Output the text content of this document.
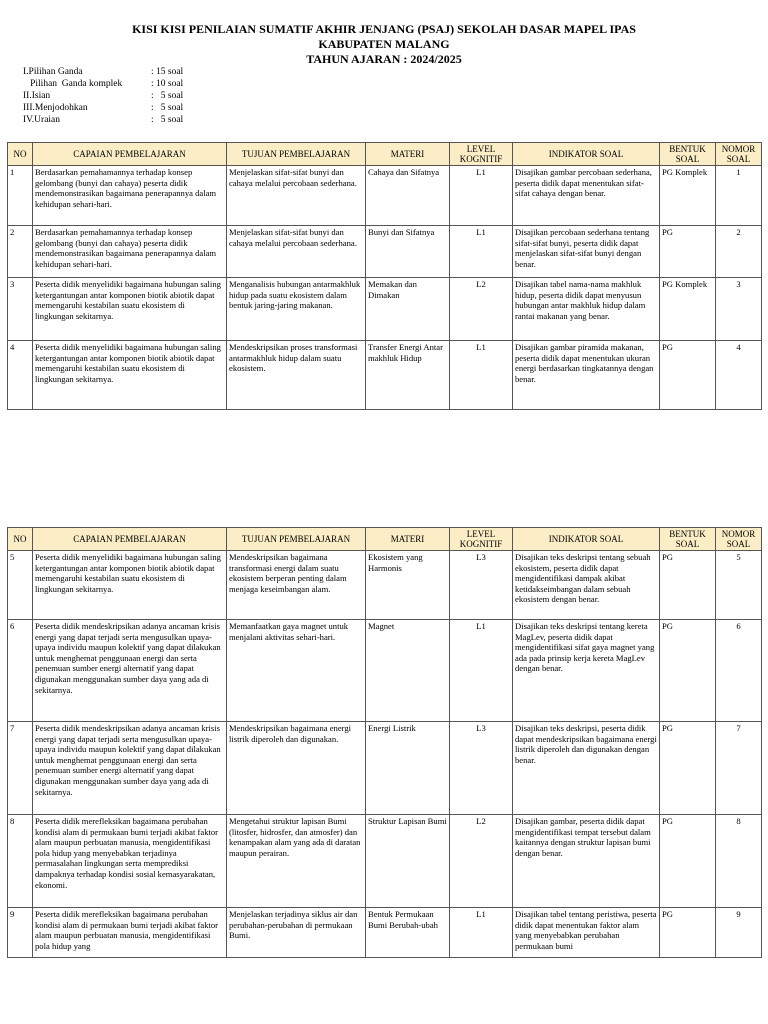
KISI KISI PENILAIAN SUMATIF AKHIR JENJANG (PSAJ) SEKOLAH DASAR MAPEL IPAS
KABUPATEN MALANG
TAHUN AJARAN : 2024/2025
I.Pilihan Ganda	: 15 soal
Pilihan  Ganda komplek	: 10 soal
II.Isian	:   5 soal
III.Menjodohkan	:   5 soal
IV.Uraian	:   5 soal
NO	CAPAIAN PEMBELAJARAN	TUJUAN PEMBELAJARAN	MATERI	LEVEL KOGNITIF	INDIKATOR SOAL	BENTUK SOAL	NOMOR SOAL
1	Berdasarkan pemahamannya terhadap konsep gelombang (bunyi dan cahaya) peserta didik mendemonstrasikan bagaimana penerapannya dalam kehidupan sehari-hari.	Menjelaskan sifat-sifat bunyi dan cahaya melalui percobaan sederhana.	Cahaya dan Sifatnya	L1	Disajikan gambar percobaan sederhana, peserta didik dapat menentukan sifat-sifat cahaya dengan benar.	PG Komplek	1
2	Berdasarkan pemahamannya terhadap konsep gelombang (bunyi dan cahaya) peserta didik mendemonstrasikan bagaimana penerapannya dalam kehidupan sehari-hari.	Menjelaskan sifat-sifat bunyi dan cahaya melalui percobaan sederhana.	Bunyi dan Sifatnya	L1	Disajikan percobaan sederhana tentang sifat-sifat bunyi, peserta didik dapat menjelaskan sifat-sifat bunyi dengan benar.	PG	2
3	Peserta didik menyelidiki bagaimana hubungan saling ketergantungan antar komponen biotik abiotik dapat memengaruhi kestabilan suatu ekosistem di lingkungan sekitarnya.	Menganalisis hubungan antarmakhluk hidup pada suatu ekosistem dalam bentuk jaring-jaring makanan.	Memakan dan Dimakan	L2	Disajikan tabel nama-nama makhluk hidup, peserta didik dapat menyusun hubungan antar makhluk hidup dalam rantai makanan yang benar.	PG Komplek	3
4	Peserta didik menyelidiki bagaimana hubungan saling ketergantungan antar komponen biotik abiotik dapat memengaruhi kestabilan suatu ekosistem di lingkungan sekitarnya.	Mendeskripsikan proses transformasi antarmakhluk hidup dalam suatu ekosistem.	Transfer Energi Antar makhluk Hidup	L1	Disajikan gambar piramida makanan, peserta didik dapat menentukan ukuran energi berdasarkan tingkatannya dengan benar.	PG	4
NO	CAPAIAN PEMBELAJARAN	TUJUAN PEMBELAJARAN	MATERI	LEVEL KOGNITIF	INDIKATOR SOAL	BENTUK SOAL	NOMOR SOAL
5	Peserta didik menyelidiki bagaimana hubungan saling ketergantungan antar komponen biotik abiotik dapat memengaruhi kestabilan suatu ekosistem di lingkungan sekitarnya.	Mendeskripsikan bagaimana transformasi energi dalam suatu ekosistem berperan penting dalam menjaga keseimbangan alam.	Ekosistem yang Harmonis	L3	Disajikan teks deskripsi tentang sebuah ekosistem, peserta didik dapat mengidentifikasi dampak akibat ketidakseimbangan dalam sebuah ekosistem dengan benar.	PG	5
6	Peserta didik mendeskripsikan adanya ancaman krisis energi yang dapat terjadi serta mengusulkan upaya-upaya individu maupun kolektif yang dapat dilakukan untuk menghemat penggunaan energi dan serta penemuan sumber energi alternatif yang dapat digunakan menggunakan sumber daya yang ada di sekitarnya.	Memanfaatkan gaya magnet untuk menjalani aktivitas sehari-hari.	Magnet	L1	Disajikan teks deskripsi tentang kereta MagLev, peserta didik dapat mengidentifikasi sifat gaya magnet yang ada pada prinsip kerja kereta MagLev dengan benar.	PG	6
7	Peserta didik mendeskripsikan adanya ancaman krisis energi yang dapat terjadi serta mengusulkan upaya-upaya individu maupun kolektif yang dapat dilakukan untuk menghemat penggunaan energi dan serta penemuan sumber energi alternatif yang dapat digunakan menggunakan sumber daya yang ada di sekitarnya.	Mendeskripsikan bagaimana energi listrik diperoleh dan digunakan.	Energi Listrik	L3	Disajikan teks deskripsi, peserta didik dapat mendeskripsikan bagaimana energi listrik diperoleh dan digunakan dengan benar.	PG	7
8	Peserta didik merefleksikan bagaimana perubahan kondisi alam di permukaan bumi terjadi akibat faktor alam maupun perbuatan manusia, mengidentifikasi pola hidup yang menyebabkan terjadinya permasalahan lingkungan serta memprediksi dampaknya terhadap kondisi sosial kemasyarakatan, ekonomi.	Mengetahui struktur lapisan Bumi (litosfer, hidrosfer, dan atmosfer) dan kenampakan alam yang ada di daratan maupun perairan.	Struktur Lapisan Bumi	L2	Disajikan gambar, peserta didik dapat mengidentifikasi tempat tersebut dalam kaitannya dengan struktur lapisan bumi dengan benar.	PG	8
9	Peserta didik merefleksikan bagaimana perubahan kondisi alam di permukaan bumi terjadi akibat faktor alam maupun perbuatan manusia, mengidentifikasi pola hidup yang	Menjelaskan terjadinya siklus air dan perubahan-perubahan di permukaan Bumi.	Bentuk Permukaan Bumi Berubah-ubah	L1	Disajikan tabel tentang peristiwa, peserta didik dapat menentukan faktor alam yang menyebabkan perubahan permukaan bumi	PG	9
